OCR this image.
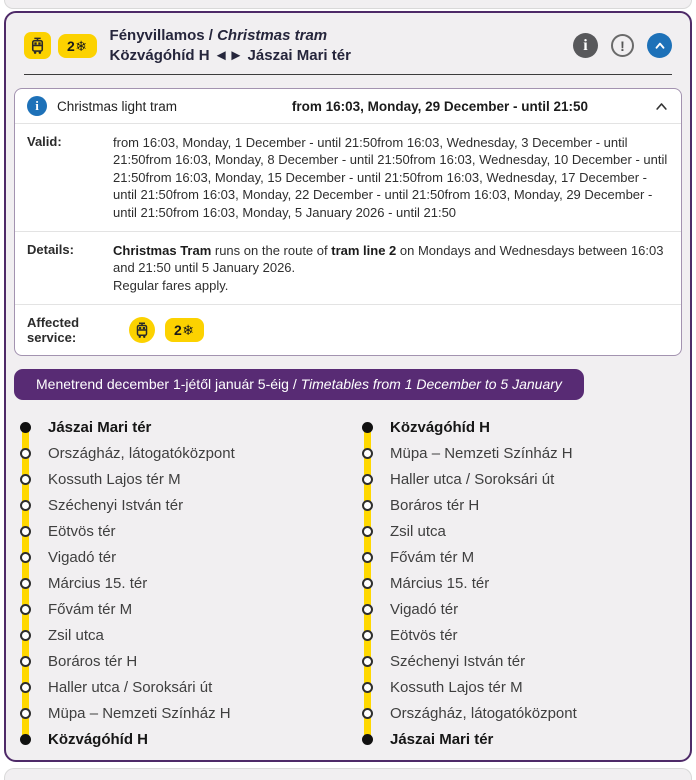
2❄
Fényvillamos / Christmas tram
Közvágóhíd H ◄► Jászai Mari tér
i	!
i	Christmas light tram	from 16:03, Monday, 29 December - until 21:50
Valid:	from 16:03, Monday, 1 December - until 21:50from 16:03, Wednesday, 3 December - until 21:50from 16:03, Monday, 8 December - until 21:50from 16:03, Wednesday, 10 December - until 21:50from 16:03, Monday, 15 December - until 21:50from 16:03, Wednesday, 17 December - until 21:50from 16:03, Monday, 22 December - until 21:50from 16:03, Monday, 29 December - until 21:50from 16:03, Monday, 5 January 2026 - until 21:50
Details:	Christmas Tram runs on the route of tram line 2 on Mondays and Wednesdays between 16:03 and 21:50 until 5 January 2026.
Regular fares apply.
Affected service:	2❄
Menetrend december 1-jétől január 5-éig / Timetables from 1 December to 5 January
Jászai Mari tér
Országház, látogatóközpont
Kossuth Lajos tér M
Széchenyi István tér
Eötvös tér
Vigadó tér
Március 15. tér
Fővám tér M
Zsil utca
Boráros tér H
Haller utca / Soroksári út
Müpa – Nemzeti Színház H
Közvágóhíd H
Közvágóhíd H
Müpa – Nemzeti Színház H
Haller utca / Soroksári út
Boráros tér H
Zsil utca
Fővám tér M
Március 15. tér
Vigadó tér
Eötvös tér
Széchenyi István tér
Kossuth Lajos tér M
Országház, látogatóközpont
Jászai Mari tér
